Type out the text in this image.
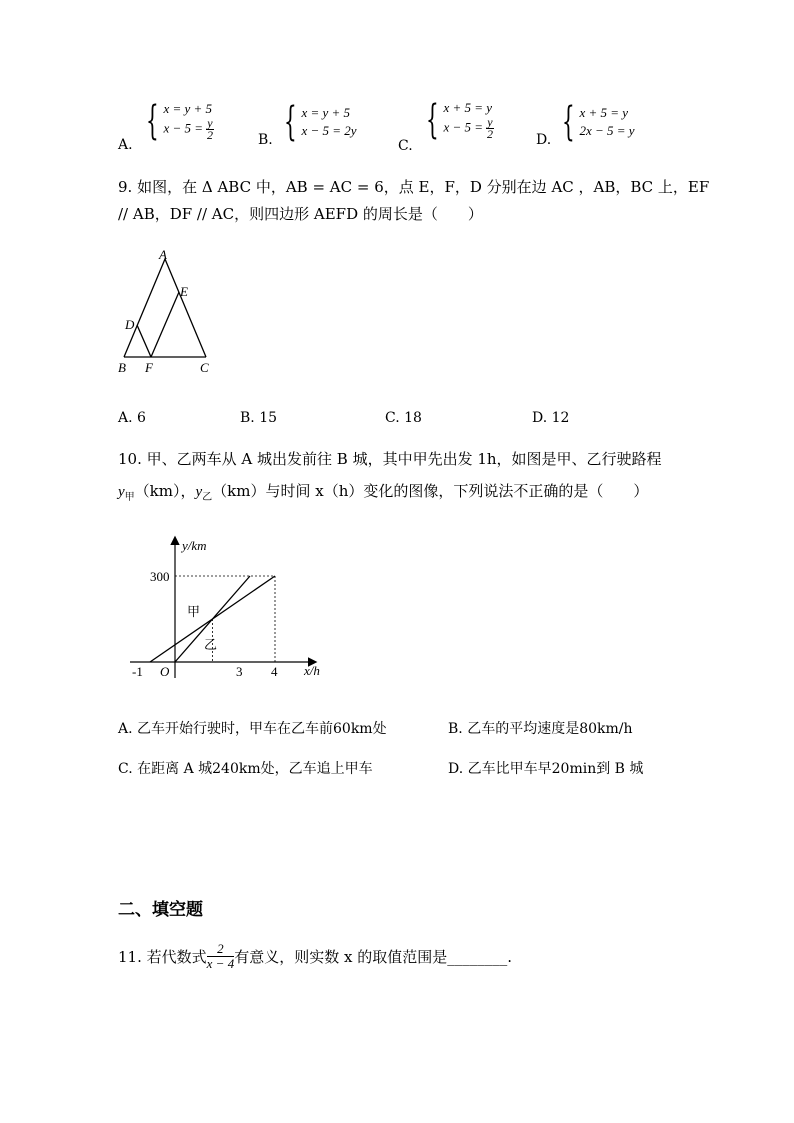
A.
{ x = y + 5
$x - 5 = \frac{y}{2}$	B. { x = y + 5
x − 5 = 2y
C.
{ x + 5 = y
$x - 5 = \frac{y}{2}$	D. { x + 5 = y
2x − 5 = y
9. 如图，在 Δ ABC 中，AB = AC = 6，点 E，F，D 分别在边 AC ，AB，BC 上，EF
// AB，DF // AC，则四边形 AEFD 的周长是（　　）
A
E
D
B F	C
A. 6	B. 15	C. 18	D. 12
10. 甲、乙两车从 A 城出发前往 B 城，其中甲先出发 1h，如图是甲、乙行驶路程
$y_甲(km)$，$y_乙(km)$与时间 x（h）变化的图像，下列说法不正确的是（　　）
y/km
x/h
300
-1 O	3 4
甲
乙
A. 乙车开始行驶时，甲车在乙车前60km处	B. 乙车的平均速度是80km/h
C. 在距离 A 城240km处，乙车追上甲车	D. 乙车比甲车早20min到 B 城
二、填空题
11.
若代数式 $\frac{2}{x - 4}$ 有意义，则实数 x 的取值范围是 ________.
